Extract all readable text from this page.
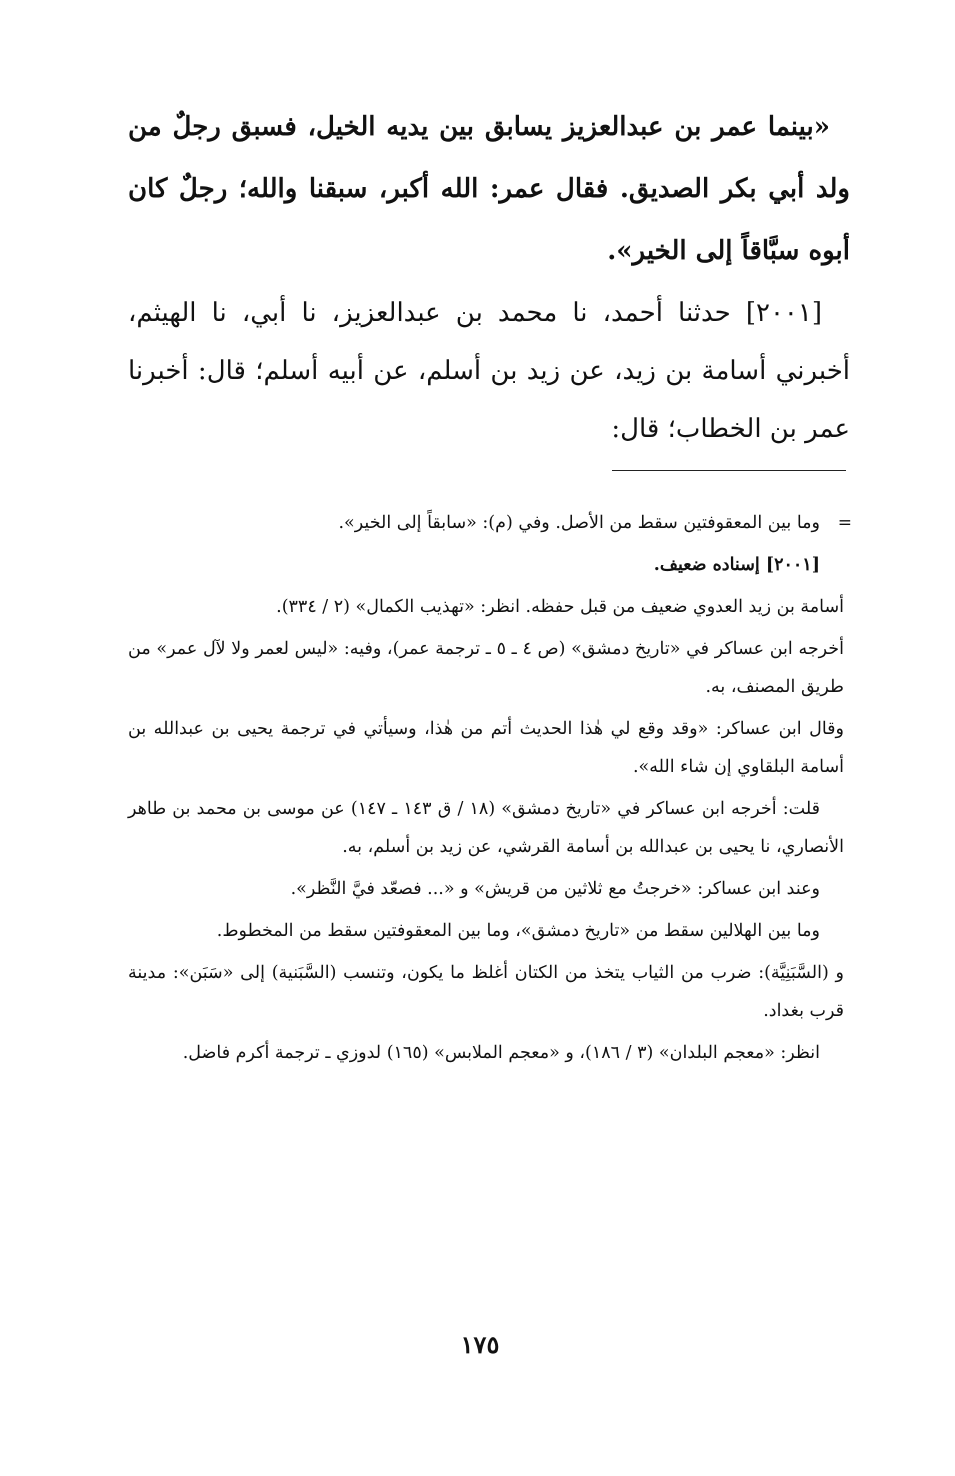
«بينما عمر بن عبدالعزيز يسابق بين يديه الخيل، فسبق رجلٌ من ولد أبي بكر الصديق. فقال عمر: الله أكبر، سبقنا والله؛ رجلٌ كان أبوه سبَّاقاً إلى الخير».

[٢٠٠١] حدثنا أحمد، نا محمد بن عبدالعزيز، نا أبي، نا الهيثم، أخبرني أسامة بن زيد، عن زيد بن أسلم، عن أبيه أسلم؛ قال: أخبرنا عمر بن الخطاب؛ قال:

=

وما بين المعقوفتين سقط من الأصل. وفي (م): «سابقاً إلى الخير».

[٢٠٠١] إسناده ضعيف.

أسامة بن زيد العدوي ضعيف من قبل حفظه. انظر: «تهذيب الكمال» (٢ / ٣٣٤).

أخرجه ابن عساكر في «تاريخ دمشق» (ص ٤ ـ ٥ ـ ترجمة عمر)، وفيه: «ليس لعمر ولا لآل عمر» من طريق المصنف، به.

وقال ابن عساكر: «وقد وقع لي هٰذا الحديث أتم من هٰذا، وسيأتي في ترجمة يحيى بن عبدالله بن أسامة البلقاوي إن شاء الله».

قلت: أخرجه ابن عساكر في «تاريخ دمشق» (١٨ / ق ١٤٣ ـ ١٤٧) عن موسى بن محمد بن طاهر الأنصاري، نا يحيى بن عبدالله بن أسامة القرشي، عن زيد بن أسلم، به.

وعند ابن عساكر: «خرجتُ مع ثلاثين من قريش» و «... فصعّد فيَّ النَّظر».

وما بين الهلالين سقط من «تاريخ دمشق»، وما بين المعقوفتين سقط من المخطوط.

و (السَّبَنِيَّة): ضرب من الثياب يتخذ من الكتان أغلظ ما يكون، وتنسب (السَّبَنية) إلى «سَبَن»: مدينة قرب بغداد.

انظر: «معجم البلدان» (٣ / ١٨٦)، و «معجم الملابس» (١٦٥) لدوزي ـ ترجمة أكرم فاضل.

١٧٥
